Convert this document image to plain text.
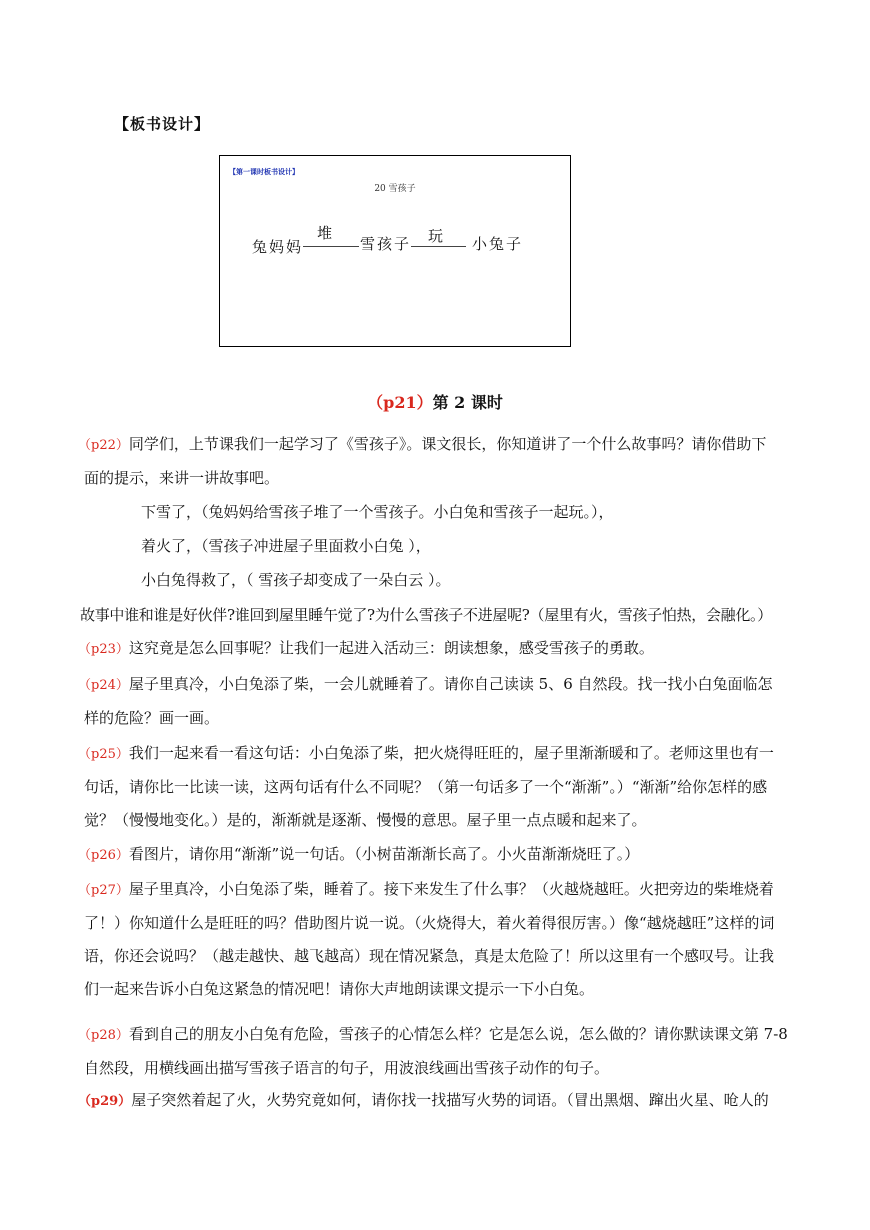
【板书设计】
【第一课时板书设计】
20 雪孩子
兔妈妈
堆
雪孩子 玩 小兔子
（p21）第 2 课时
（p22）同学们，上节课我们一起学习了《雪孩子》。课文很长，你知道讲了一个什么故事吗？请你借助下
面的提示，来讲一讲故事吧。
下雪了，（兔妈妈给雪孩子堆了一个雪孩子。小白兔和雪孩子一起玩。），
着火了，（雪孩子冲进屋子里面救小白兔 ），
小白兔得救了，（ 雪孩子却变成了一朵白云 ）。
故事中谁和谁是好伙伴?谁回到屋里睡午觉了?为什么雪孩子不进屋呢?（屋里有火，雪孩子怕热，会融化。）
（p23）这究竟是怎么回事呢？让我们一起进入活动三：朗读想象，感受雪孩子的勇敢。
（p24）屋子里真冷，小白兔添了柴，一会儿就睡着了。请你自己读读 5、6 自然段。找一找小白兔面临怎
样的危险？画一画。
（p25）我们一起来看一看这句话：小白兔添了柴，把火烧得旺旺的，屋子里渐渐暖和了。老师这里也有一
句话，请你比一比读一读，这两句话有什么不同呢？（第一句话多了一个“渐渐”。）“渐渐”给你怎样的感
觉？（慢慢地变化。）是的，渐渐就是逐渐、慢慢的意思。屋子里一点点暖和起来了。
（p26）看图片，请你用“渐渐”说一句话。（小树苗渐渐长高了。小火苗渐渐烧旺了。）
（p27）屋子里真冷，小白兔添了柴，睡着了。接下来发生了什么事？（火越烧越旺。火把旁边的柴堆烧着
了！）你知道什么是旺旺的吗？借助图片说一说。（火烧得大，着火着得很厉害。）像“越烧越旺”这样的词
语，你还会说吗？（越走越快、越飞越高）现在情况紧急，真是太危险了！所以这里有一个感叹号。让我
们一起来告诉小白兔这紧急的情况吧！请你大声地朗读课文提示一下小白兔。
（p28）看到自己的朋友小白兔有危险，雪孩子的心情怎么样？它是怎么说，怎么做的？请你默读课文第 7-8
自然段，用横线画出描写雪孩子语言的句子，用波浪线画出雪孩子动作的句子。
（p29）屋子突然着起了火，火势究竟如何，请你找一找描写火势的词语。（冒出黑烟、蹿出火星、呛人的
